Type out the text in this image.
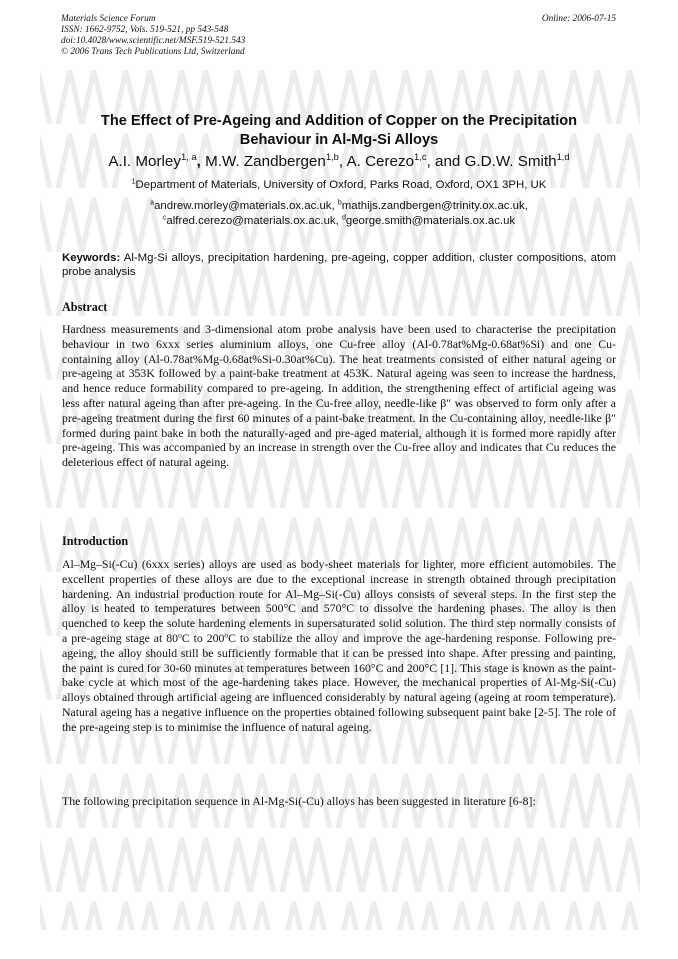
Materials Science Forum
ISSN: 1662-9752, Vols. 519-521, pp 543-548
doi:10.4028/www.scientific.net/MSF.519-521.543
© 2006 Trans Tech Publications Ltd, Switzerland
Online: 2006-07-15
The Effect of Pre-Ageing and Addition of Copper on the Precipitation
Behaviour in Al-Mg-Si Alloys
A.I. Morley$^{1, a}$, M.W. Zandbergen$^{1,b}$, A. Cerezo$^{1,c}$, and G.D.W. Smith$^{1,d}$
$^1$Department of Materials, University of Oxford, Parks Road, Oxford, OX1 3PH, UK
$^a$andrew.morley@materials.ox.ac.uk, $^b$mathijs.zandbergen@trinity.ox.ac.uk,
$^c$alfred.cerezo@materials.ox.ac.uk, $^d$george.smith@materials.ox.ac.uk
Keywords: Al-Mg-Si alloys, precipitation hardening, pre-ageing, copper addition, cluster compositions, atom probe analysis
Abstract
Hardness measurements and 3-dimensional atom probe analysis have been used to characterise the precipitation behaviour in two 6xxx series aluminium alloys, one Cu-free alloy (Al-0.78at%Mg-0.68at%Si) and one Cu-containing alloy (Al-0.78at%Mg-0.68at%Si-0.30at%Cu). The heat treatments consisted of either natural ageing or pre-ageing at 353K followed by a paint-bake treatment at 453K. Natural ageing was seen to increase the hardness, and hence reduce formability compared to pre-ageing. In addition, the strengthening effect of artificial ageing was less after natural ageing than after pre-ageing. In the Cu-free alloy, needle-like β″ was observed to form only after a pre-ageing treatment during the first 60 minutes of a paint-bake treatment. In the Cu-containing alloy, needle-like β″ formed during paint bake in both the naturally-aged and pre-aged material, although it is formed more rapidly after pre-ageing. This was accompanied by an increase in strength over the Cu-free alloy and indicates that Cu reduces the deleterious effect of natural ageing.
Introduction
Al–Mg–Si(-Cu) (6xxx series) alloys are used as body-sheet materials for lighter, more efficient automobiles. The excellent properties of these alloys are due to the exceptional increase in strength obtained through precipitation hardening. An industrial production route for Al–Mg–Si(-Cu) alloys consists of several steps. In the first step the alloy is heated to temperatures between 500°C and 570°C to dissolve the hardening phases. The alloy is then quenched to keep the solute hardening elements in supersaturated solid solution. The third step normally consists of a pre-ageing stage at 80$^o$C to 200$^o$C to stabilize the alloy and improve the age-hardening response. Following pre-ageing, the alloy should still be sufficiently formable that it can be pressed into shape. After pressing and painting, the paint is cured for 30-60 minutes at temperatures between 160°C and 200°C [1]. This stage is known as the paint-bake cycle at which most of the age-hardening takes place. However, the mechanical properties of Al-Mg-Si(-Cu) alloys obtained through artificial ageing are influenced considerably by natural ageing (ageing at room temperature). Natural ageing has a negative influence on the properties obtained following subsequent paint bake [2-5]. The role of the pre-ageing step is to minimise the influence of natural ageing.
The following precipitation sequence in Al-Mg-Si(-Cu) alloys has been suggested in literature [6-8]:
